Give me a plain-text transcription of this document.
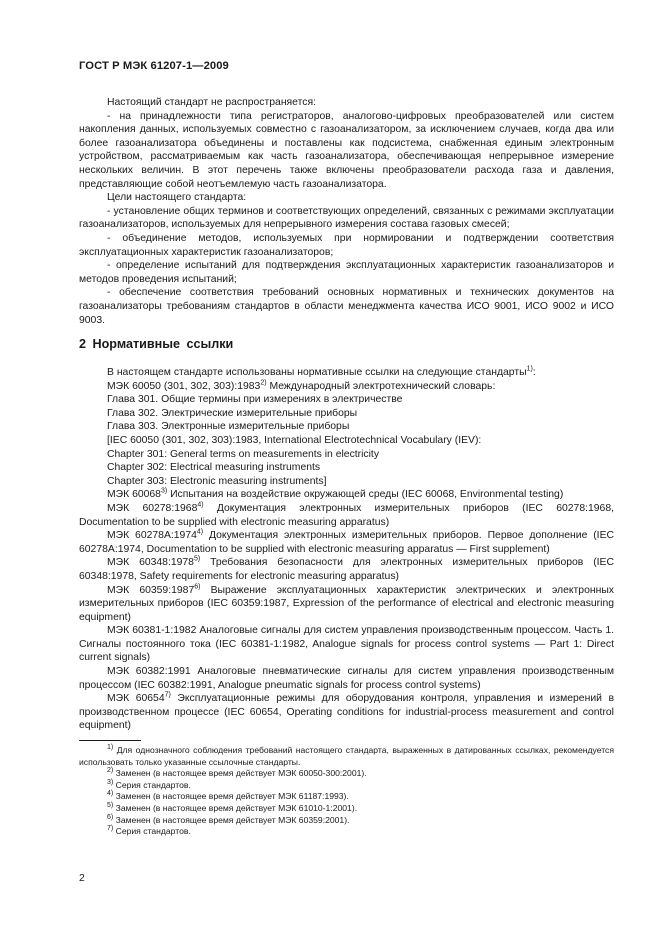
ГОСТ Р МЭК 61207-1—2009

Настоящий стандарт не распространяется:

- на принадлежности типа регистраторов, аналогово-цифровых преобразователей или систем накопления данных, используемых совместно с газоанализатором, за исключением случаев, когда два или более газоанализатора объединены и поставлены как подсистема, снабженная единым электронным устройством, рассматриваемым как часть газоанализатора, обеспечивающая непрерывное измерение нескольких величин. В этот перечень также включены преобразователи расхода газа и давления, представляющие собой неотъемлемую часть газоанализатора.

Цели настоящего стандарта:

- установление общих терминов и соответствующих определений, связанных с режимами эксплуатации газоанализаторов, используемых для непрерывного измерения состава газовых смесей;

- объединение методов, используемых при нормировании и подтверждении соответствия эксплуатационных характеристик газоанализаторов;

- определение испытаний для подтверждения эксплуатационных характеристик газоанализаторов и методов проведения испытаний;

- обеспечение соответствия требований основных нормативных и технических документов на газоанализаторы требованиям стандартов в области менеджмента качества ИСО 9001, ИСО 9002 и ИСО 9003.

2 Нормативные ссылки

В настоящем стандарте использованы нормативные ссылки на следующие стандарты$^{1)}$:

МЭК 60050 (301, 302, 303):1983$^{2)}$ Международный электротехнический словарь:

Глава 301. Общие термины при измерениях в электричестве

Глава 302. Электрические измерительные приборы

Глава 303. Электронные измерительные приборы

[IEC 60050 (301, 302, 303):1983, International Electrotechnical Vocabulary (IEV):

Chapter 301: General terms on measurements in electricity

Chapter 302: Electrical measuring instruments

Chapter 303: Electronic measuring instruments]

МЭК 60068$^{3)}$ Испытания на воздействие окружающей среды (IEC 60068, Environmental testing)

МЭК 60278:1968$^{4)}$ Документация электронных измерительных приборов (IEC 60278:1968, Documentation to be supplied with electronic measuring apparatus)

МЭК 60278А:1974$^{4)}$ Документация электронных измерительных приборов. Первое дополнение (IEC 60278А:1974, Documentation to be supplied with electronic measuring apparatus — First supplement)

МЭК 60348:1978$^{5)}$ Требования безопасности для электронных измерительных приборов (IEC 60348:1978, Safety requirements for electronic measuring apparatus)

МЭК 60359:1987$^{6)}$ Выражение эксплуатационных характеристик электрических и электронных измерительных приборов (IEC 60359:1987, Expression of the performance of electrical and electronic measuring equipment)

МЭК 60381-1:1982 Аналоговые сигналы для систем управления производственным процессом. Часть 1. Сигналы постоянного тока (IEC 60381-1:1982, Analogue signals for process control systems — Part 1: Direct current signals)

МЭК 60382:1991 Аналоговые пневматические сигналы для систем управления производственным процессом (IEC 60382:1991, Analogue pneumatic signals for process control systems)

МЭК 60654$^{7)}$ Эксплуатационные режимы для оборудования контроля, управления и измерений в производственном процессе (IEC 60654, Operating conditions for industrial-process measurement and control equipment)

$^{1)}$ Для однозначного соблюдения требований настоящего стандарта, выраженных в датированных ссылках, рекомендуется использовать только указанные ссылочные стандарты.

$^{2)}$ Заменен (в настоящее время действует МЭК 60050-300:2001).

$^{3)}$ Серия стандартов.

$^{4)}$ Заменен (в настоящее время действует МЭК 61187:1993).

$^{5)}$ Заменен (в настоящее время действует МЭК 61010-1:2001).

$^{6)}$ Заменен (в настоящее время действует МЭК 60359:2001).

$^{7)}$ Серия стандартов.

2
